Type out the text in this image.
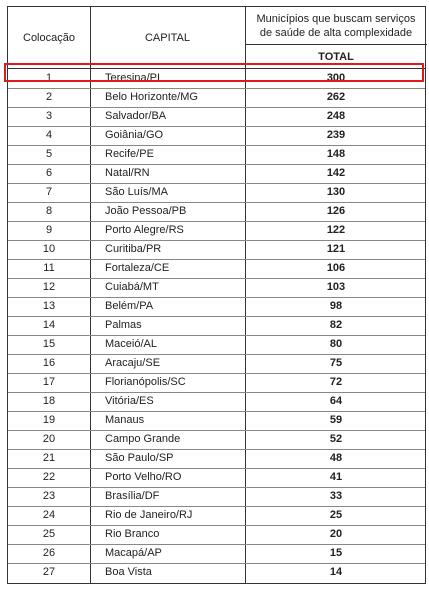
Colocação	CAPITAL
Municípios que buscam serviços
de saúde de alta complexidade
TOTAL
1	Teresina/PI	300
2	Belo Horizonte/MG	262
3	Salvador/BA	248
4	Goiânia/GO	239
5	Recife/PE	148
6	Natal/RN	142
7	São Luís/MA	130
8	João Pessoa/PB	126
9	Porto Alegre/RS	122
10	Curitiba/PR	121
11	Fortaleza/CE	106
12	Cuiabá/MT	103
13	Belém/PA	98
14	Palmas	82
15	Maceió/AL	80
16	Aracaju/SE	75
17	Florianópolis/SC	72
18	Vitória/ES	64
19	Manaus	59
20	Campo Grande	52
21	São Paulo/SP	48
22	Porto Velho/RO	41
23	Brasília/DF	33
24	Rio de Janeiro/RJ	25
25	Rio Branco	20
26	Macapá/AP	15
27	Boa Vista	14
